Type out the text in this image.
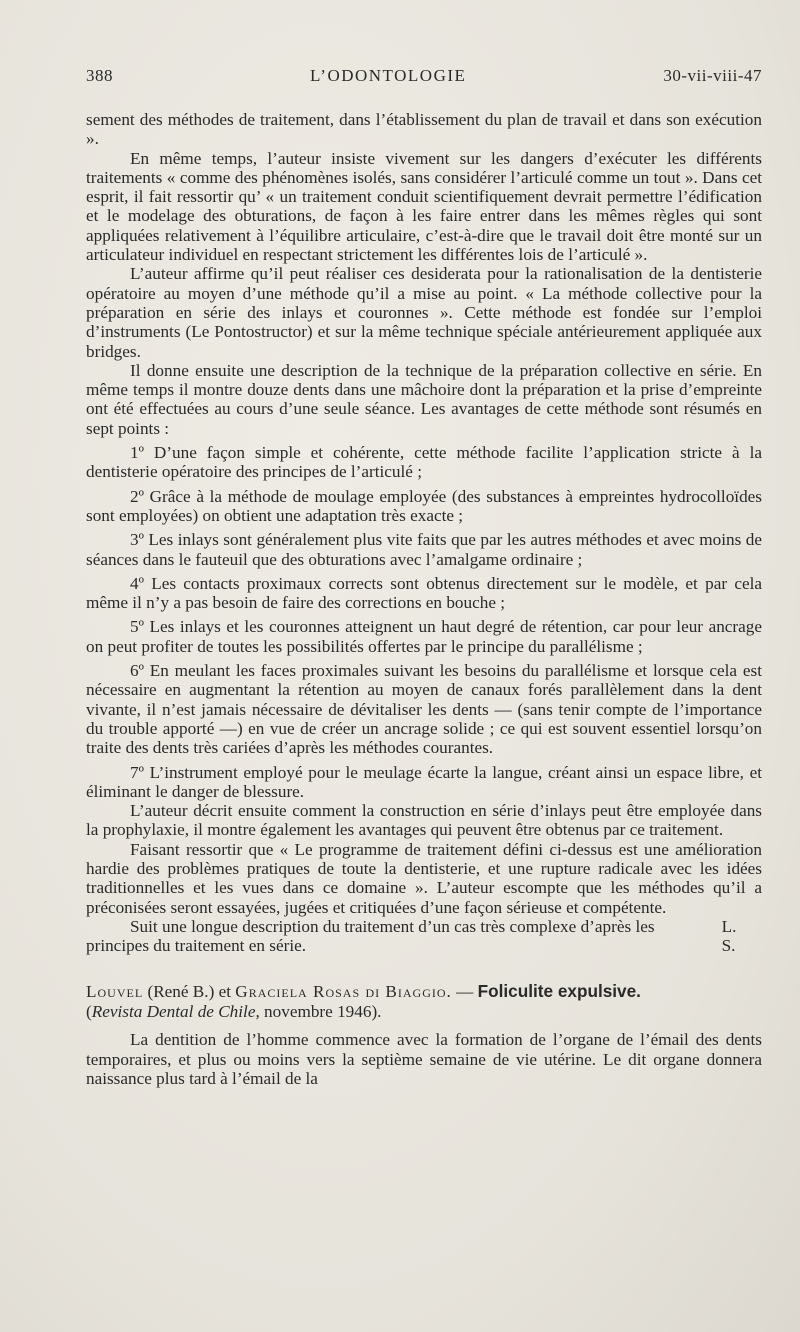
388	L’ODONTOLOGIE	30-vii-viii-47

sement des méthodes de traitement, dans l’établissement du plan de travail et dans son exécution ».

En même temps, l’auteur insiste vivement sur les dangers d’exécuter les différents traitements « comme des phénomènes isolés, sans considérer l’articulé comme un tout ». Dans cet esprit, il fait ressortir qu’ « un traitement conduit scientifiquement devrait permettre l’édification et le modelage des obturations, de façon à les faire entrer dans les mêmes règles qui sont appliquées relativement à l’équilibre articulaire, c’est-à-dire que le travail doit être monté sur un articulateur individuel en respectant strictement les différentes lois de l’articulé ».

L’auteur affirme qu’il peut réaliser ces desiderata pour la rationalisation de la dentisterie opératoire au moyen d’une méthode qu’il a mise au point. « La méthode collective pour la préparation en série des inlays et couronnes ». Cette méthode est fondée sur l’emploi d’instruments (Le Pontostructor) et sur la même technique spéciale antérieurement appliquée aux bridges.

Il donne ensuite une description de la technique de la préparation collective en série. En même temps il montre douze dents dans une mâchoire dont la préparation et la prise d’empreinte ont été effectuées au cours d’une seule séance. Les avantages de cette méthode sont résumés en sept points :

1º D’une façon simple et cohérente, cette méthode facilite l’application stricte à la dentisterie opératoire des principes de l’articulé ;

2º Grâce à la méthode de moulage employée (des substances à empreintes hydrocolloïdes sont employées) on obtient une adaptation très exacte ;

3º Les inlays sont généralement plus vite faits que par les autres méthodes et avec moins de séances dans le fauteuil que des obturations avec l’amalgame ordinaire ;

4º Les contacts proximaux corrects sont obtenus directement sur le modèle, et par cela même il n’y a pas besoin de faire des corrections en bouche ;

5º Les inlays et les couronnes atteignent un haut degré de rétention, car pour leur ancrage on peut profiter de toutes les possibilités offertes par le principe du parallélisme ;

6º En meulant les faces proximales suivant les besoins du parallélisme et lorsque cela est nécessaire en augmentant la rétention au moyen de canaux forés parallèlement dans la dent vivante, il n’est jamais nécessaire de dévitaliser les dents — (sans tenir compte de l’importance du trouble apporté —) en vue de créer un ancrage solide ; ce qui est souvent essentiel lorsqu’on traite des dents très cariées d’après les méthodes courantes.

7º L’instrument employé pour le meulage écarte la langue, créant ainsi un espace libre, et éliminant le danger de blessure.

L’auteur décrit ensuite comment la construction en série d’inlays peut être employée dans la prophylaxie, il montre également les avantages qui peuvent être obtenus par ce traitement.

Faisant ressortir que « Le programme de traitement défini ci-dessus est une amélioration hardie des problèmes pratiques de toute la dentisterie, et une rupture radicale avec les idées traditionnelles et les vues dans ce domaine ». L’auteur escompte que les méthodes qu’il a préconisées seront essayées, jugées et critiquées d’une façon sérieuse et compétente.

Suit une longue description du traitement d’un cas très complexe d’après les principes du traitement en série.

L. S.
Louvel (René B.) et Graciela Rosas di Biaggio. — Foliculite expulsive.
(Revista Dental de Chile, novembre 1946).

La dentition de l’homme commence avec la formation de l’organe de l’émail des dents temporaires, et plus ou moins vers la septième semaine de vie utérine. Le dit organe donnera naissance plus tard à l’émail de la
